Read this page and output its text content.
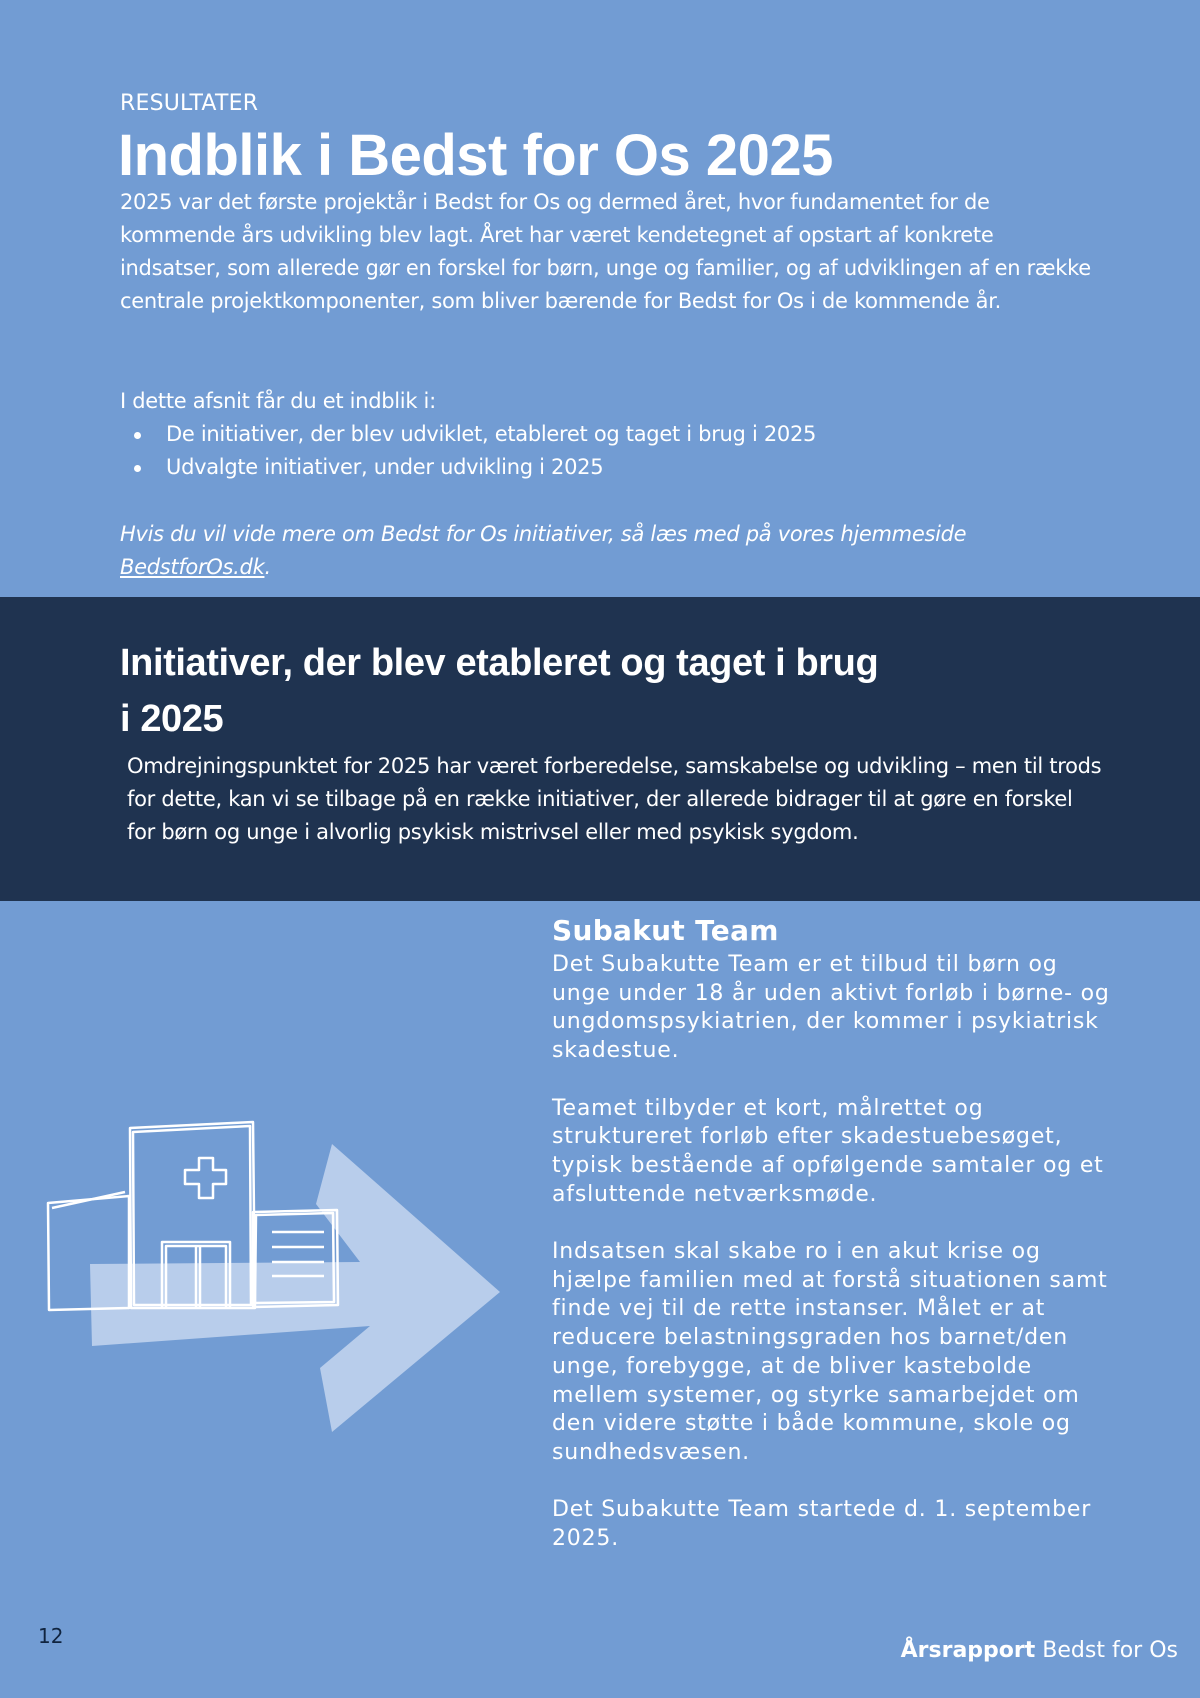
RESULTATER
Indblik i Bedst for Os 2025

2025 var det første projektår i Bedst for Os og dermed året, hvor fundamentet for de kommende års udvikling blev lagt. Året har været kendetegnet af opstart af konkrete indsatser, som allerede gør en forskel for børn, unge og familier, og af udviklingen af en række centrale projektkomponenter, som bliver bærende for Bedst for Os i de kommende år.

I dette afsnit får du et indblik i:

De initiativer, der blev udviklet, etableret og taget i brug i 2025
Udvalgte initiativer, under udvikling i 2025

Hvis du vil vide mere om Bedst for Os initiativer, så læs med på vores hjemmeside BedstforOs.dk.

Initiativer, der blev etableret og taget i brug i 2025

Omdrejningspunktet for 2025 har været forberedelse, samskabelse og udvikling – men til trods for dette, kan vi se tilbage på en række initiativer, der allerede bidrager til at gøre en forskel for børn og unge i alvorlig psykisk mistrivsel eller med psykisk sygdom.

Subakut Team

Det Subakutte Team er et tilbud til børn og unge under 18 år uden aktivt forløb i børne- og ungdomspsykiatrien, der kommer i psykiatrisk skadestue.

Teamet tilbyder et kort, målrettet og struktureret forløb efter skadestuebesøget, typisk bestående af opfølgende samtaler og et afsluttende netværksmøde.

Indsatsen skal skabe ro i en akut krise og hjælpe familien med at forstå situationen samt finde vej til de rette instanser. Målet er at reducere belastningsgraden hos barnet/den unge, forebygge, at de bliver kastebolde mellem systemer, og styrke samarbejdet om den videre støtte i både kommune, skole og sundhedsvæsen.

Det Subakutte Team startede d. 1. september 2025.

12
Årsrapport Bedst for Os
